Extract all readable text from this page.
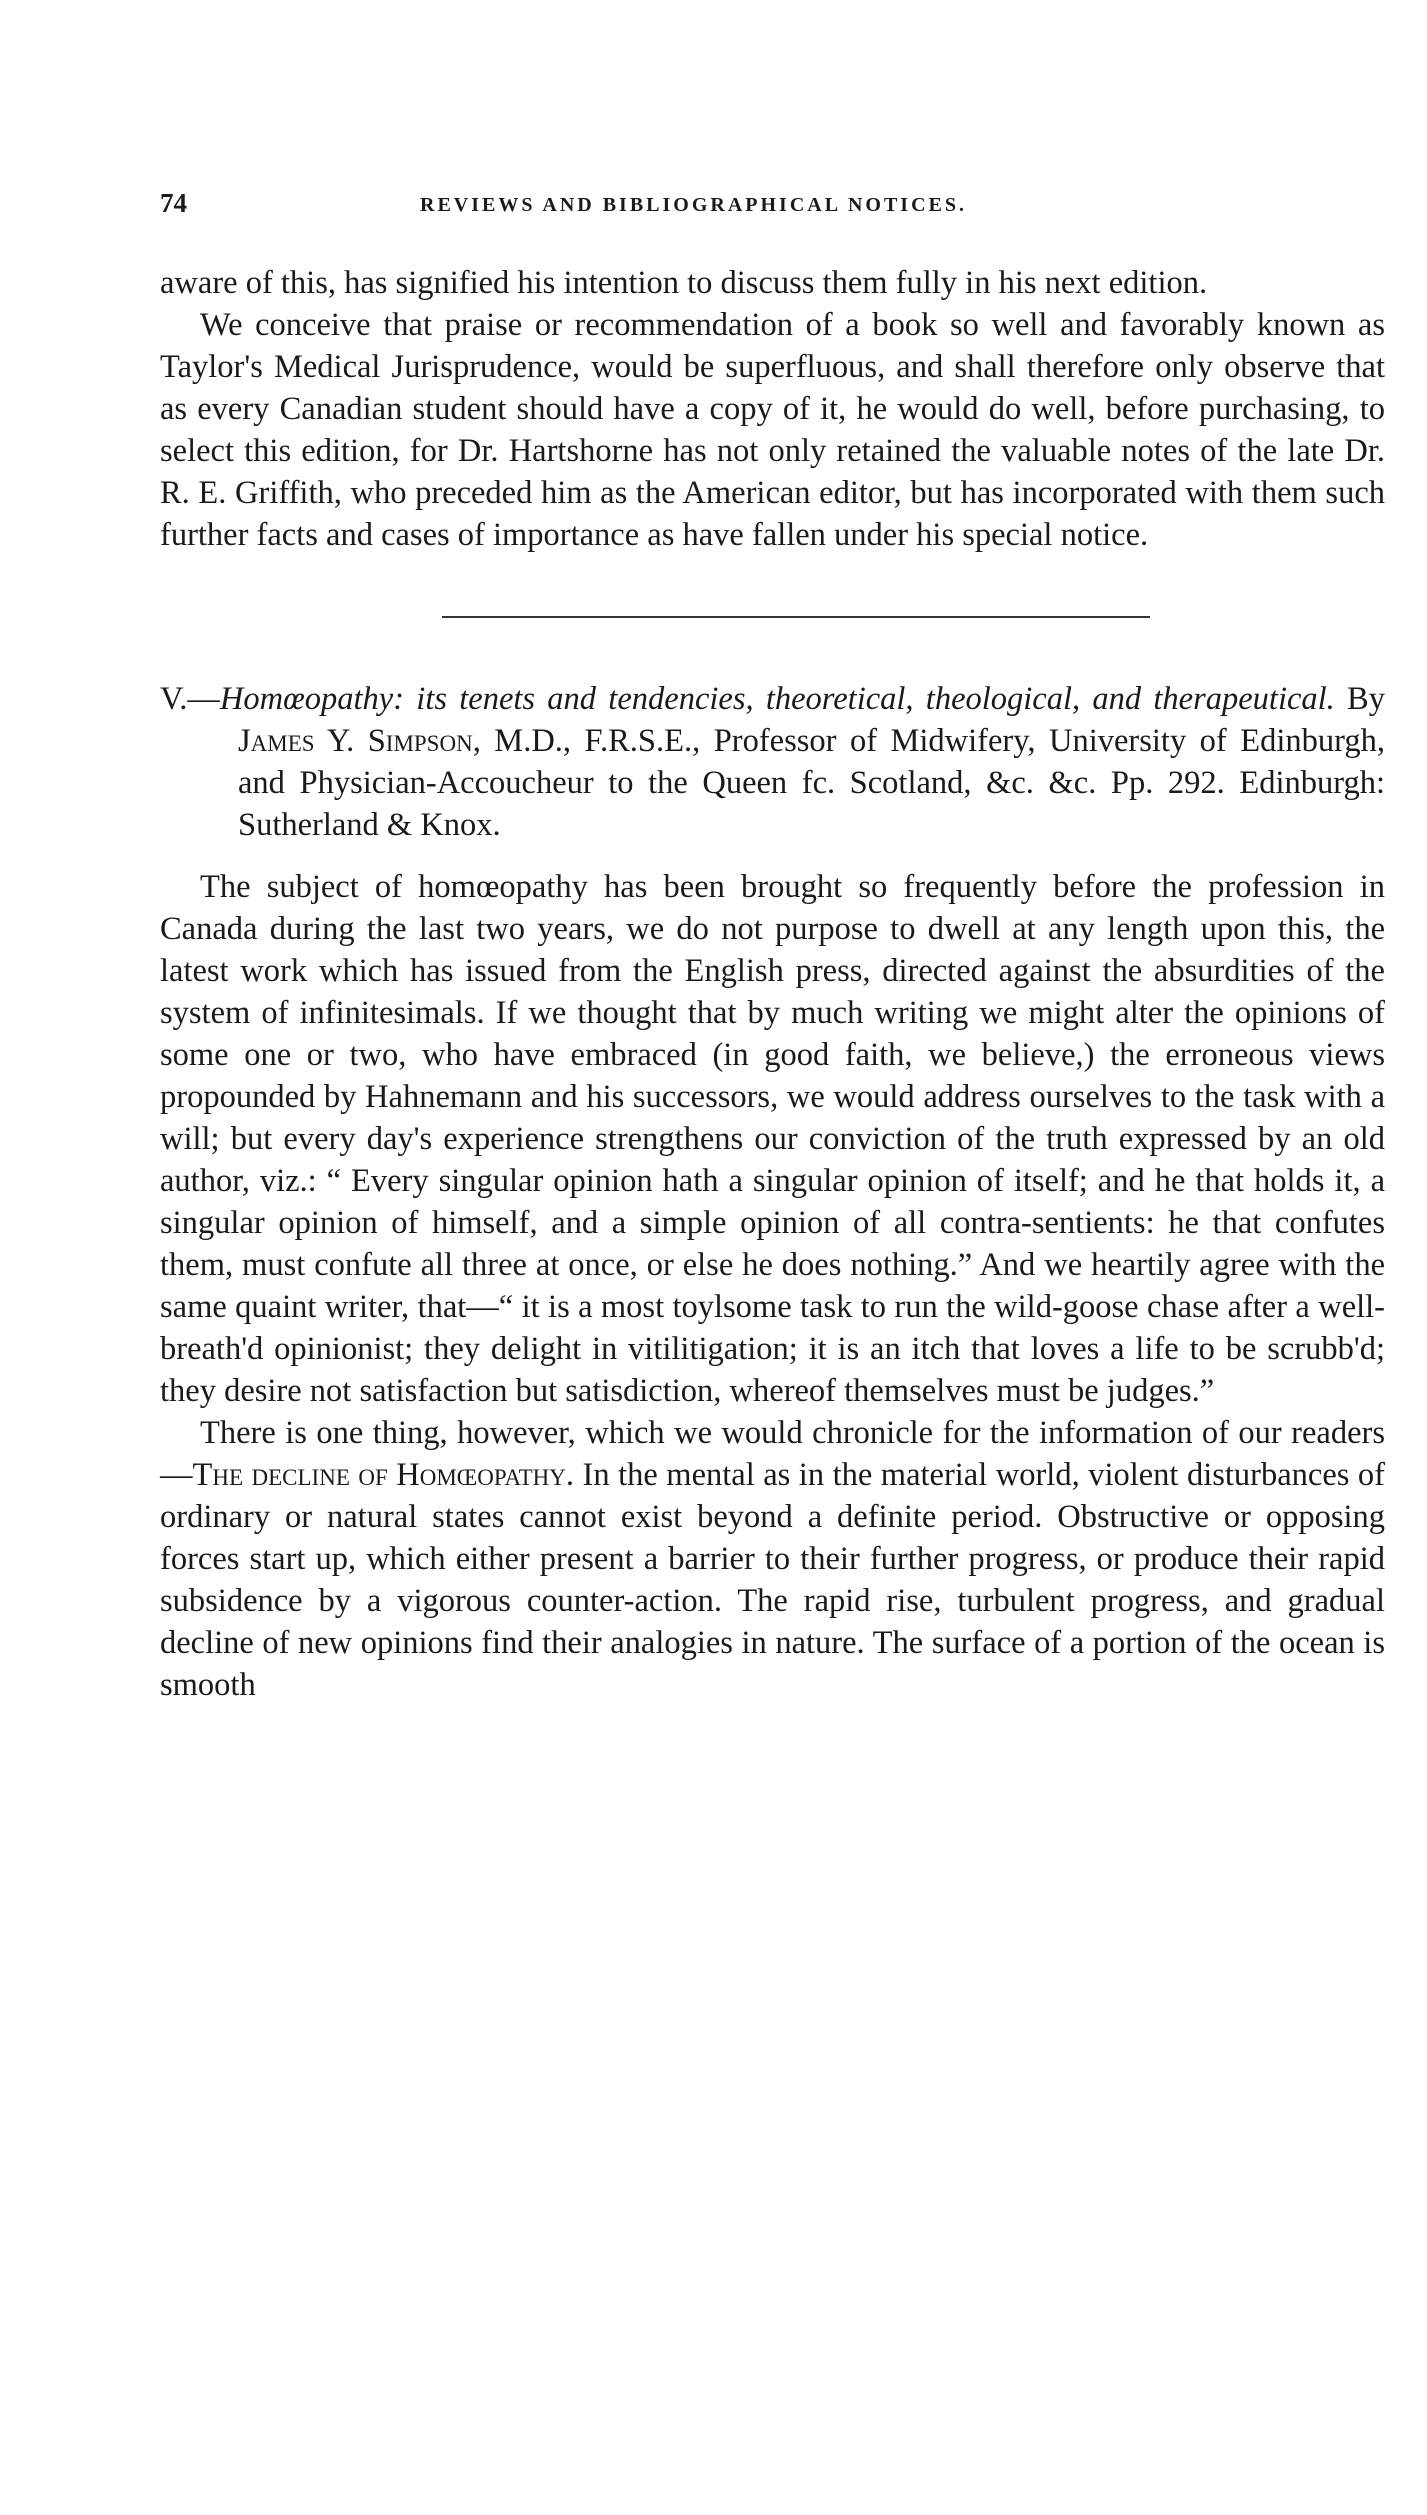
74	REVIEWS AND BIBLIOGRAPHICAL NOTICES.

aware of this, has signified his intention to discuss them fully in his next edition.

We conceive that praise or recommendation of a book so well and favorably known as Taylor's Medical Jurisprudence, would be superfluous, and shall therefore only observe that as every Canadian student should have a copy of it, he would do well, before purchasing, to select this edition, for Dr. Hartshorne has not only retained the valuable notes of the late Dr. R. E. Griffith, who preceded him as the American editor, but has incorporated with them such further facts and cases of importance as have fallen under his special notice.

V.—Homœopathy: its tenets and tendencies, theoretical, theological, and therapeutical. By James Y. Simpson, M.D., F.R.S.E., Professor of Midwifery, University of Edinburgh, and Physician-Accoucheur to the Queen fc. Scotland, &c. &c. Pp. 292. Edinburgh: Sutherland & Knox.

The subject of homœopathy has been brought so frequently before the profession in Canada during the last two years, we do not purpose to dwell at any length upon this, the latest work which has issued from the English press, directed against the absurdities of the system of infinitesimals. If we thought that by much writing we might alter the opinions of some one or two, who have embraced (in good faith, we believe,) the erroneous views propounded by Hahnemann and his successors, we would address ourselves to the task with a will; but every day's experience strengthens our conviction of the truth expressed by an old author, viz.: “ Every singular opinion hath a singular opinion of itself; and he that holds it, a singular opinion of himself, and a simple opinion of all contra-sentients: he that confutes them, must confute all three at once, or else he does nothing.” And we heartily agree with the same quaint writer, that—“ it is a most toylsome task to run the wild-goose chase after a well-breath'd opinionist; they delight in vitilitigation; it is an itch that loves a life to be scrubb'd; they desire not satisfaction but satisdiction, whereof themselves must be judges.”

There is one thing, however, which we would chronicle for the information of our readers—The decline of Homœopathy. In the mental as in the material world, violent disturbances of ordinary or natural states cannot exist beyond a definite period. Obstructive or opposing forces start up, which either present a barrier to their further progress, or produce their rapid subsidence by a vigorous counter-action. The rapid rise, turbulent progress, and gradual decline of new opinions find their analogies in nature. The surface of a portion of the ocean is smooth
